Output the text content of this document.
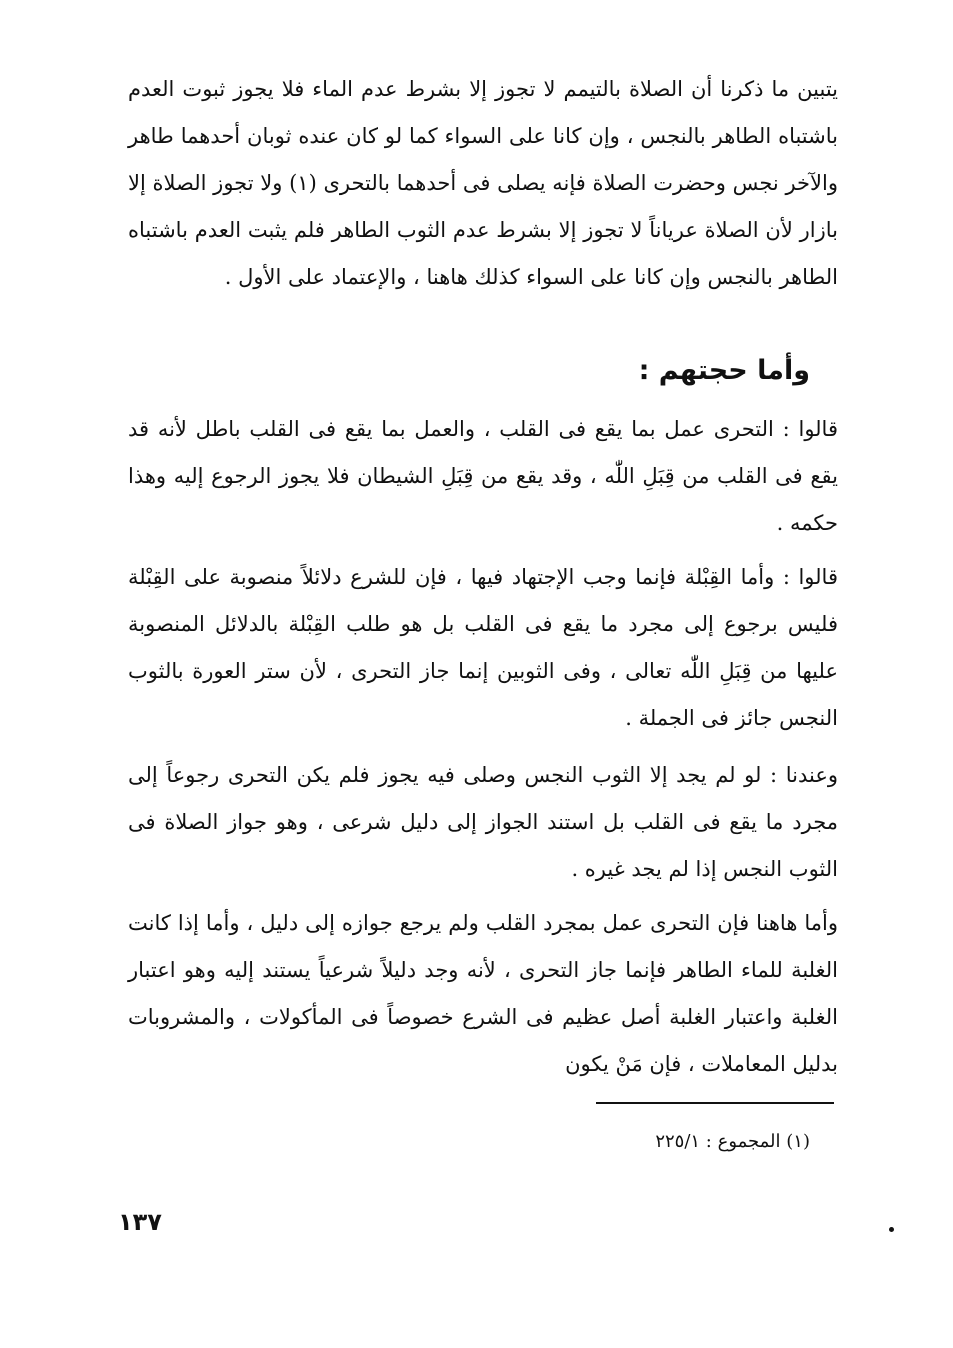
يتبين ما ذكرنا أن الصلاة بالتيمم لا تجوز إلا بشرط عدم الماء فلا يجوز ثبوت العدم باشتباه الطاهر بالنجس ، وإن كانا على السواء كما لو كان عنده ثوبان أحدهما طاهر والآخر نجس وحضرت الصلاة فإنه يصلى فى أحدهما بالتحرى (١) ولا تجوز الصلاة إلا بازار لأن الصلاة عرياناً لا تجوز إلا بشرط عدم الثوب الطاهر فلم يثبت العدم باشتباه الطاهر بالنجس وإن كانا على السواء كذلك هاهنا ، والإعتماد على الأول .

وأما حجتهم :

قالوا : التحرى عمل بما يقع فى القلب ، والعمل بما يقع فى القلب باطل لأنه قد يقع فى القلب من قِبَلِ اللّٰه ، وقد يقع من قِبَلِ الشيطان فلا يجوز الرجوع إليه وهذا حكمه .

قالوا : وأما القِبْلة فإنما وجب الإجتهاد فيها ، فإن للشرع دلائلاً منصوبة على القِبْلة فليس برجوع إلى مجرد ما يقع فى القلب بل هو طلب القِبْلة بالدلائل المنصوبة عليها من قِبَلِ اللّٰه تعالى ، وفى الثوبين إنما جاز التحرى ، لأن ستر العورة بالثوب النجس جائز فى الجملة .

وعندنا : لو لم يجد إلا الثوب النجس وصلى فيه يجوز فلم يكن التحرى رجوعاً إلى مجرد ما يقع فى القلب بل استند الجواز إلى دليل شرعى ، وهو جواز الصلاة فى الثوب النجس إذا لم يجد غيره .

وأما هاهنا فإن التحرى عمل بمجرد القلب ولم يرجع جوازه إلى دليل ، وأما إذا كانت الغلبة للماء الطاهر فإنما جاز التحرى ، لأنه وجد دليلاً شرعياً يستند إليه وهو اعتبار الغلبة واعتبار الغلبة أصل عظيم فى الشرع خصوصاً فى المأكولات ، والمشروبات بدليل المعاملات ، فإن مَنْ يكون

(١) المجموع : ٢٢٥/١

١٣٧
